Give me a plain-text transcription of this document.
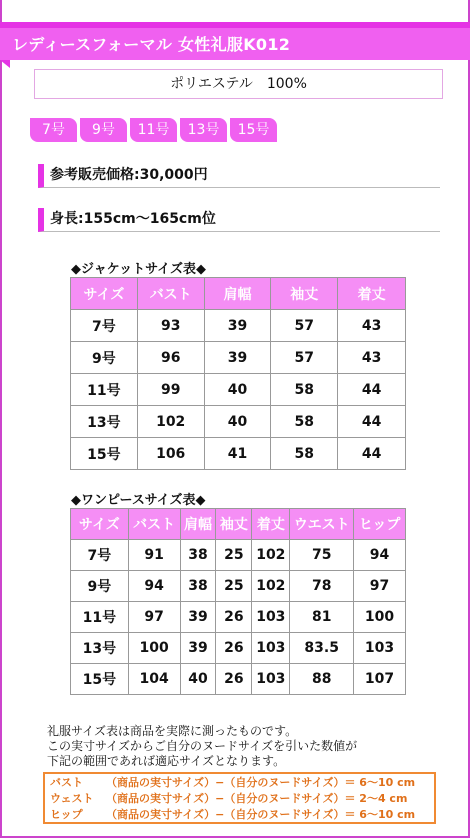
レディースフォーマル 女性礼服K012
ポリエステル　100%
7号	9号	11号	13号	15号
参考販売価格:30,000円
身長:155cm〜165cm位
◆ジャケットサイズ表◆
サイズ	バスト	肩幅	袖丈	着丈
7号	93	39	57	43
9号	96	39	57	43
11号	99	40	58	44
13号	102	40	58	44
15号	106	41	58	44
◆ワンピースサイズ表◆
サイズ	バスト	肩幅	袖丈	着丈	ウエスト	ヒップ
7号	91	38	25	102	75	94
9号	94	38	25	102	78	97
11号	97	39	26	103	81	100
13号	100	39	26	103	83.5	103
15号	104	40	26	103	88	107
礼服サイズ表は商品を実際に測ったものです。
この実寸サイズからご自分のヌードサイズを引いた数値が
下記の範囲であれば適応サイズとなります。
バスト （商品の実寸サイズ）−（自分のヌードサイズ）＝ 6〜10 cm
ウェスト （商品の実寸サイズ）−（自分のヌードサイズ）＝ 2〜4 cm
ヒップ （商品の実寸サイズ）−（自分のヌードサイズ）＝ 6〜10 cm
